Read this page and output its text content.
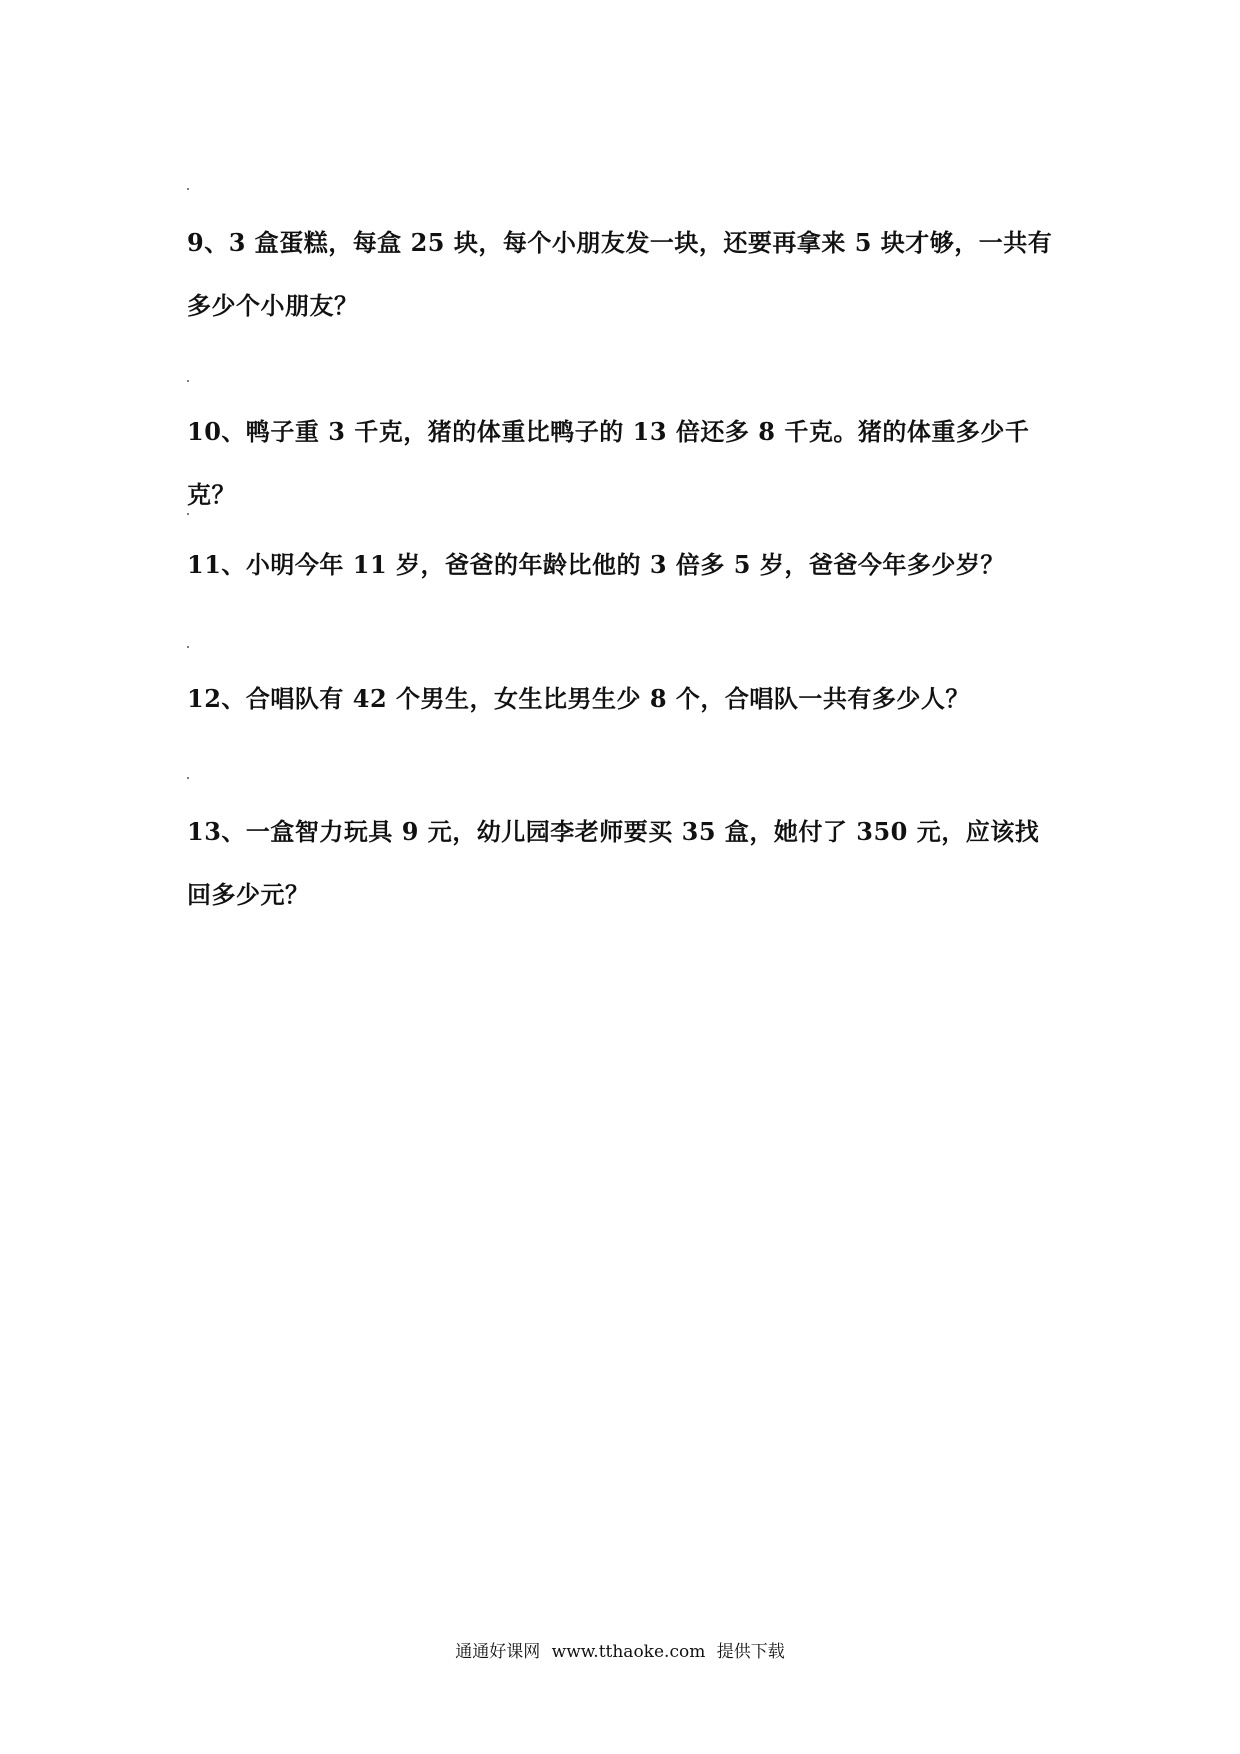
9、3 盒蛋糕，每盒 25 块，每个小朋友发一块，还要再拿来 5 块才够，一共有多少个小朋友？
10、鸭子重 3 千克，猪的体重比鸭子的 13 倍还多 8 千克。猪的体重多少千克？
11、小明今年 11 岁，爸爸的年龄比他的 3 倍多 5 岁，爸爸今年多少岁？
12、合唱队有 42 个男生，女生比男生少 8 个，合唱队一共有多少人？
13、一盒智力玩具 9 元，幼儿园李老师要买 35 盒，她付了 350 元，应该找回多少元？
通通好课网 www.tthaoke.com 提供下载
